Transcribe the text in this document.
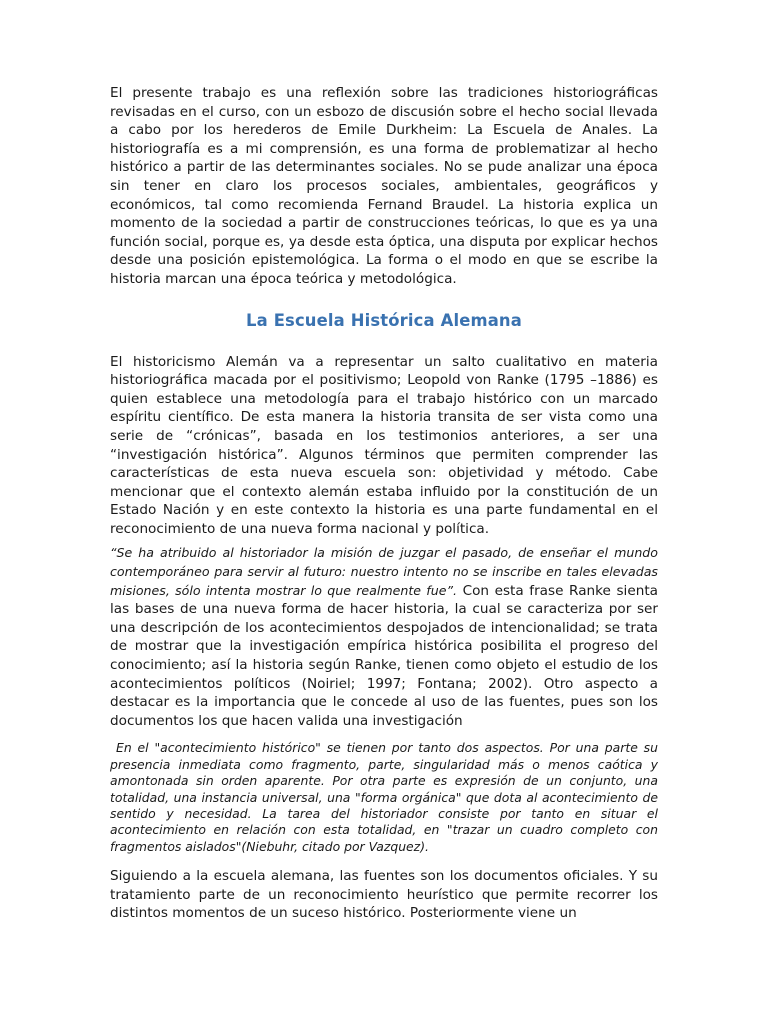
El presente trabajo es una reflexión sobre las tradiciones historiográficas revisadas en el curso, con un esbozo de discusión sobre el hecho social llevada a cabo por los herederos de Emile Durkheim: La Escuela de Anales. La historiografía es a mi comprensión, es una forma de problematizar al hecho histórico a partir de las determinantes sociales. No se pude analizar una época sin tener en claro los procesos sociales, ambientales, geográficos y económicos, tal como recomienda Fernand Braudel. La historia explica un momento de la sociedad a partir de construcciones teóricas, lo que es ya una función social, porque es, ya desde esta óptica, una disputa por explicar hechos desde una posición epistemológica. La forma o el modo en que se escribe la historia marcan una época teórica y metodológica.

La Escuela Histórica Alemana

El historicismo Alemán va a representar un salto cualitativo en materia historiográfica macada por el positivismo; Leopold von Ranke (1795 –1886) es quien establece una metodología para el trabajo histórico con un marcado espíritu científico. De esta manera la historia transita de ser vista como una serie de “crónicas”, basada en los testimonios anteriores, a ser una “investigación histórica”. Algunos términos que permiten comprender las características de esta nueva escuela son: objetividad y método. Cabe mencionar que el contexto alemán estaba influido por la constitución de un Estado Nación y en este contexto la historia es una parte fundamental en el reconocimiento de una nueva forma nacional y política.

“Se ha atribuido al historiador la misión de juzgar el pasado, de enseñar el mundo contemporáneo para servir al futuro: nuestro intento no se inscribe en tales elevadas misiones, sólo intenta mostrar lo que realmente fue”. Con esta frase Ranke sienta las bases de una nueva forma de hacer historia, la cual se caracteriza por ser una descripción de los acontecimientos despojados de intencionalidad; se trata de mostrar que la investigación empírica histórica posibilita el progreso del conocimiento; así la historia según Ranke, tienen como objeto el estudio de los acontecimientos políticos (Noiriel; 1997; Fontana; 2002). Otro aspecto a destacar es la importancia que le concede al uso de las fuentes, pues son los documentos los que hacen valida una investigación

En el "acontecimiento histórico" se tienen por tanto dos aspectos. Por una parte su presencia inmediata como fragmento, parte, singularidad más o menos caótica y amontonada sin orden aparente. Por otra parte es expresión de un conjunto, una totalidad, una instancia universal, una "forma orgánica" que dota al acontecimiento de sentido y necesidad. La tarea del historiador consiste por tanto en situar el acontecimiento en relación con esta totalidad, en "trazar un cuadro completo con fragmentos aislados"(Niebuhr, citado por Vazquez).

Siguiendo a la escuela alemana, las fuentes son los documentos oficiales. Y su tratamiento parte de un reconocimiento heurístico que permite recorrer los distintos momentos de un suceso histórico. Posteriormente viene un
